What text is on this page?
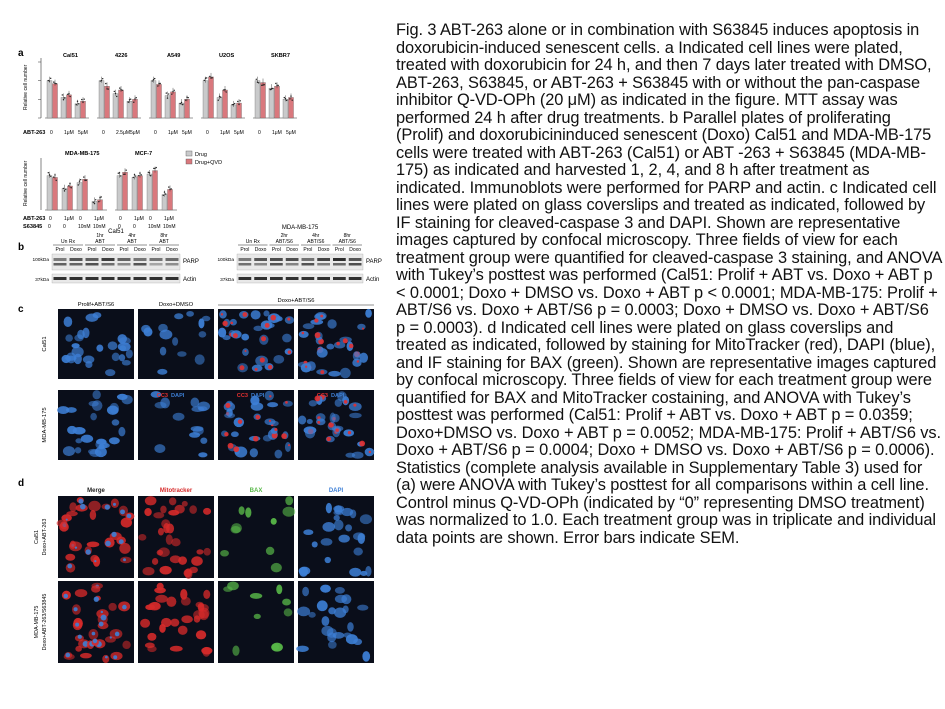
a
Relative cell number
ABT-263
Cal51
0 1μM 5μM
4226
0 2.5μM 5μM
A549
0 1μM 5μM
U2OS
0 1μM 5μM
SKBR7
0 1μM 5μM
Relative cell number
ABT-263
S63845
MDA-MB-175
0
0
1μM
0
0
10nM
1μM
10nM
MCF-7
0
0
1μM
0
0
10nM
1μM
10nM
Drug
Drug+QVD
b
Cal51
Un Rx
1hr
ABT
4hr
ABT
8hr
ABT
Prol Doxo Prol Doxo Prol Doxo Prol Doxo
100kDa
37kDa
PARP
Actin
MDA-MB-175
Un Rx
2hr
ABT/S6
4hr
ABT/S6
8hr
ABT/S6
Prol Doxo Prol Doxo Prol Doxo Prol Doxo
100kDa
37kDa
PARP
Actin
c	Prolif+ABT/S6	Doxo+DMSO
Doxo+ABT/S6
Cal51
MDA-MB-175
CC3 DAPI	CC3 DAPI	CC3 DAPI
d
Merge	Mitotracker	BAX	DAPI
Cal51 Doxo+ABT-263
MDA-MB-175 Doxo+ABT-263/S63845

Fig. 3 ABT-263 alone or in combination with S63845 induces apoptosis in doxorubicin-induced senescent cells. a Indicated cell lines were plated, treated with doxorubicin for 24 h, and then 7 days later treated with DMSO, ABT-263, S63845, or ABT-263 + S63845 with or without the pan-caspase inhibitor Q-VD-OPh (20 μM) as indicated in the figure. MTT assay was performed 24 h after drug treatments. b Parallel plates of proliferating (Prolif) and doxorubicininduced senescent (Doxo) Cal51 and MDA-MB-175 cells were treated with ABT-263 (Cal51) or ABT -263 + S63845 (MDA-MB-175) as indicated and harvested 1, 2, 4, and 8 h after treatment as indicated. Immunoblots were performed for PARP and actin. c Indicated cell lines were plated on glass coverslips and treated as indicated, followed by IF staining for cleaved-caspase 3 and DAPI. Shown are representative images captured by confocal microscopy. Three fields of view for each treatment group were quantified for cleaved-caspase 3 staining, and ANOVA with Tukey’s posttest was performed (Cal51: Prolif + ABT vs. Doxo + ABT p < 0.0001; Doxo + DMSO vs. Doxo + ABT p < 0.0001; MDA-MB-175: Prolif + ABT/S6 vs. Doxo + ABT/S6 p = 0.0003; Doxo + DMSO vs. Doxo + ABT/S6 p = 0.0003). d Indicated cell lines were plated on glass coverslips and treated as indicated, followed by staining for MitoTracker (red), DAPI (blue), and IF staining for BAX (green). Shown are representative images captured by confocal microscopy. Three fields of view for each treatment group were quantified for BAX and MitoTracker costaining, and ANOVA with Tukey’s posttest was performed (Cal51: Prolif + ABT vs. Doxo + ABT p = 0.0359; Doxo+DMSO vs. Doxo + ABT p = 0.0052; MDA-MB-175: Prolif + ABT/S6 vs. Doxo + ABT/S6 p = 0.0004; Doxo + DMSO vs. Doxo + ABT/S6 p = 0.0006). Statistics (complete analysis available in Supplementary Table 3) used for (a) were ANOVA with Tukey’s posttest for all comparisons within a cell line. Control minus Q-VD-OPh (indicated by “0” representing DMSO treatment) was normalized to 1.0. Each treatment group was in triplicate and individual data points are shown. Error bars indicate SEM.
